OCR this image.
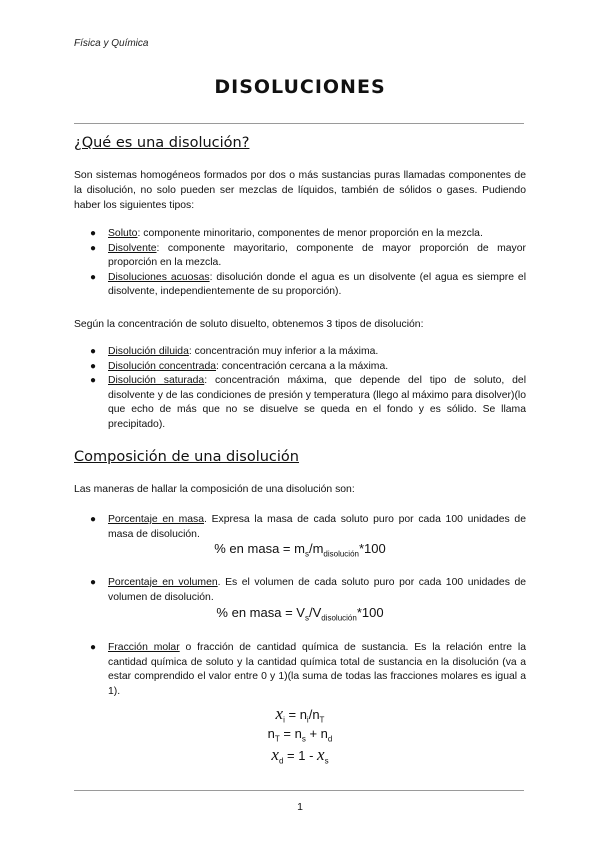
Física y Química
DISOLUCIONES
¿Qué es una disolución?
Son sistemas homogéneos formados por dos o más sustancias puras llamadas componentes de la disolución, no solo pueden ser mezclas de líquidos, también de sólidos o gases. Pudiendo haber los siguientes tipos:
● Soluto: componente minoritario, componentes de menor proporción en la mezcla.
● Disolvente: componente mayoritario, componente de mayor proporción de mayor proporción en la mezcla.
● Disoluciones acuosas: disolución donde el agua es un disolvente (el agua es siempre el disolvente, independientemente de su proporción).
Según la concentración de soluto disuelto, obtenemos 3 tipos de disolución:
● Disolución diluida: concentración muy inferior a la máxima.
● Disolución concentrada: concentración cercana a la máxima.
● Disolución saturada: concentración máxima, que depende del tipo de soluto, del disolvente y de las condiciones de presión y temperatura (llego al máximo para disolver)(lo que echo de más que no se disuelve se queda en el fondo y es sólido. Se llama precipitado).
Composición de una disolución
Las maneras de hallar la composición de una disolución son:
● Porcentaje en masa. Expresa la masa de cada soluto puro por cada 100 unidades de masa de disolución.
% en masa = $m_s/m_{disolución}*100$
● Porcentaje en volumen. Es el volumen de cada soluto puro por cada 100 unidades de volumen de disolución.
% en masa = $V_s/V_{disolución}*100$
● Fracción molar o fracción de cantidad química de sustancia. Es la relación entre la cantidad química de soluto y la cantidad química total de sustancia en la disolución (va a estar comprendido el valor entre 0 y 1)(la suma de todas las fracciones molares es igual a 1).
$x_i = n_i/n_T$
$n_T = n_s + n_d$
$x_d = 1 - x_s$
1
